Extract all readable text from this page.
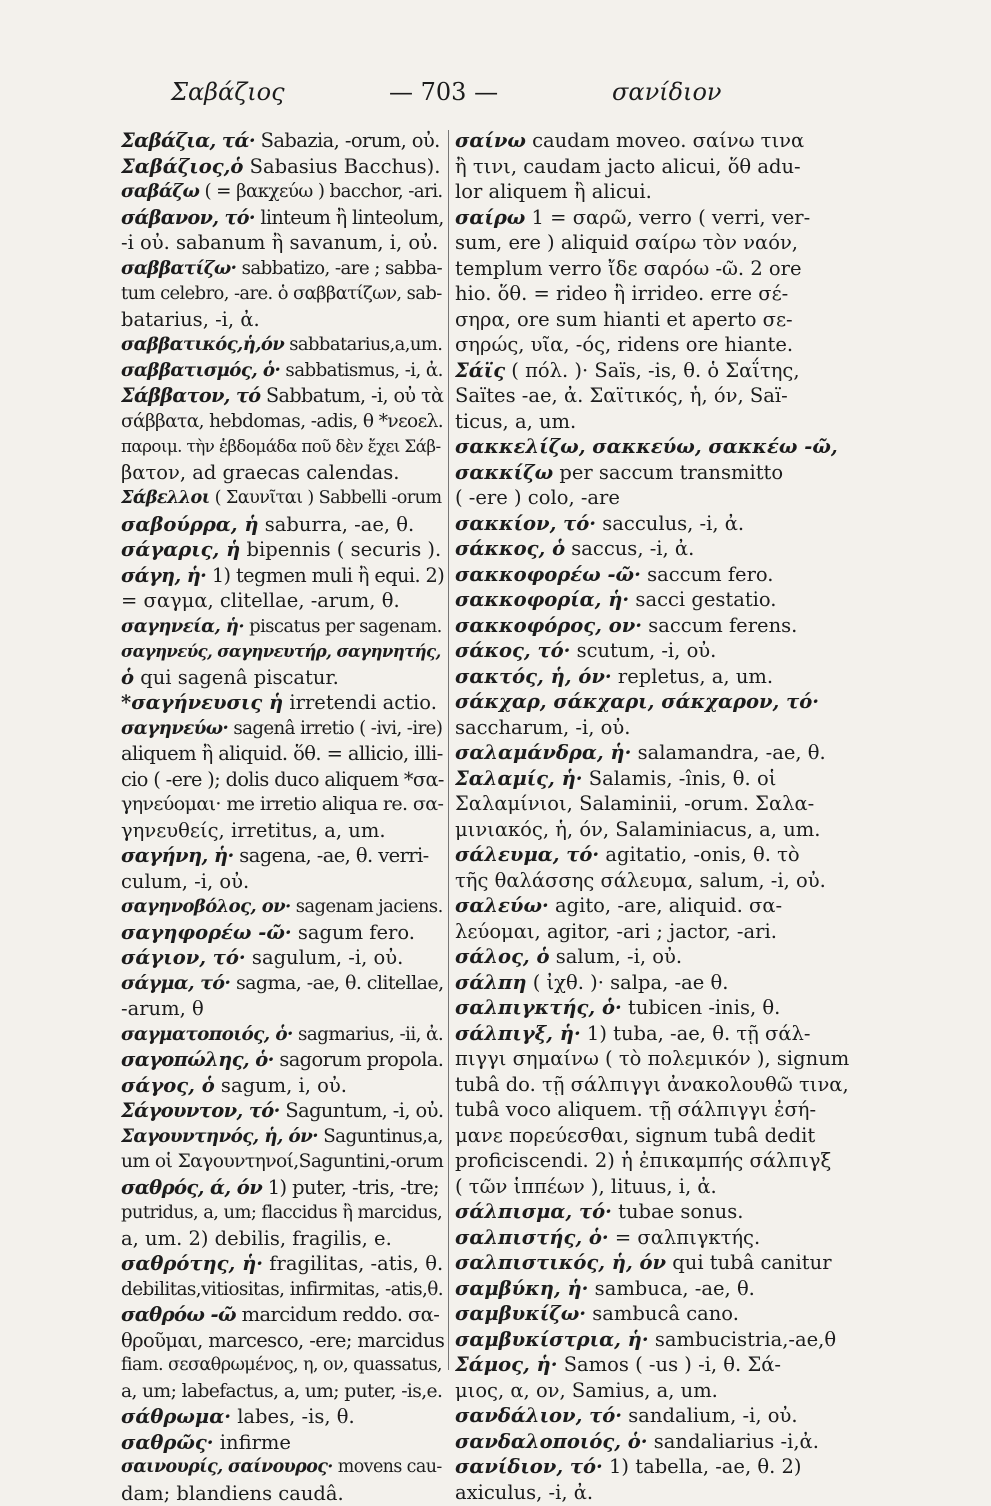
Σαβάζιος	— 703 —	σανίδιον
Σαβάζια, τά· Sabazia, -orum, οὐ.
Σαβάζιος,ὁ Sabasius Bacchus).
σαβάζω ( = βακχεύω ) bacchor, -ari.
σάβανον, τό· linteum ἢ linteolum,
-i οὐ. sabanum ἢ savanum, i, οὐ.
σαββατίζω· sabbatizo, -are ; sabba-
tum celebro, -are. ὁ σαββατίζων, sab-
batarius, -i, ἀ.
σαββατικός,ἡ,όν sabbatarius,a,um.
σαββατισμός, ὁ· sabbatismus, -i, ἀ.
Σάββατον, τό Sabbatum, -i, οὐ τὰ
σάββατα, hebdomas, -adis, θ *νεοελ.
παροιμ. τὴν ἑβδομάδα ποῦ δὲν ἔχει Σάβ-
βατον, ad graecas calendas.
Σάβελλοι ( Σαυνῖται ) Sabbelli -orum
σαβούρρα, ἡ saburra, -ae, θ.
σάγαρις, ἡ bipennis ( securis ).
σάγη, ἡ· 1) tegmen muli ἢ equi. 2)
= σαγμα, clitellae, -arum, θ.
σαγηνεία, ἡ· piscatus per sagenam.
σαγηνεύς, σαγηνευτήρ, σαγηνητής,
ὁ qui sagenâ piscatur.
*σαγήνευσις ἡ irretendi actio.
σαγηνεύω· sagenâ irretio ( -ivi, -ire)
aliquem ἢ aliquid. ὅθ. = allicio, illi-
cio ( -ere ); dolis duco aliquem *σα-
γηνεύομαι· me irretio aliqua re. σα-
γηνευθείς, irretitus, a, um.
σαγήνη, ἡ· sagena, -ae, θ. verri-
culum, -i, οὐ.
σαγηνοβόλος, ον· sagenam jaciens.
σαγηφορέω -ῶ· sagum fero.
σάγιον, τό· sagulum, -i, οὐ.
σάγμα, τό· sagma, -ae, θ. clitellae,
-arum, θ
σαγματοποιός, ὁ· sagmarius, -ii, ἀ.
σαγοπώλης, ὁ· sagorum propola.
σάγος, ὁ sagum, i, οὐ.
Σάγουντον, τό· Saguntum, -i, οὐ.
Σαγουντηνός, ἡ, όν· Saguntinus,a,
um οἱ Σαγουντηνοί,Saguntini,-orum
σαθρός, ά, όν 1) puter, -tris, -tre;
putridus, a, um; flaccidus ἢ marcidus,
a, um. 2) debilis, fragilis, e.
σαθρότης, ἡ· fragilitas, -atis, θ.
debilitas,vitiositas, infirmitas, -atis,θ.
σαθρόω -ῶ marcidum reddo. σα-
θροῦμαι, marcesco, -ere; marcidus
fiam. σεσαθρωμένος, η, ον, quassatus,
a, um; labefactus, a, um; puter, -is,e.
σάθρωμα· labes, -is, θ.
σαθρῶς· infirme
σαινουρίς, σαίνουρος· movens cau-
dam; blandiens caudâ.
σαίνω caudam moveo. σαίνω τινα
ἢ τινι, caudam jacto alicui, ὅθ adu-
lor aliquem ἢ alicui.
σαίρω 1 = σαρῶ, verro ( verri, ver-
sum, ere ) aliquid σαίρω τὸν ναόν,
templum verro ἴδε σαρόω -ῶ. 2 ore
hio. ὅθ. = rideo ἢ irrideo. erre σέ-
σηρα, ore sum hianti et aperto σε-
σηρώς, υῖα, -ός, ridens ore hiante.
Σάϊς ( πόλ. )· Saïs, -is, θ. ὁ Σαΐτης,
Saïtes -ae, ἀ. Σαϊτικός, ἡ, όν, Saï-
ticus, a, um.
σακκελίζω, σακκεύω, σακκέω -ῶ,
σακκίζω per saccum transmitto
( -ere ) colo, -are
σακκίον, τό· sacculus, -i, ἀ.
σάκκος, ὁ saccus, -i, ἀ.
σακκοφορέω -ῶ· saccum fero.
σακκοφορία, ἡ· sacci gestatio.
σακκοφόρος, ον· saccum ferens.
σάκος, τό· scutum, -i, οὐ.
σακτός, ἡ, όν· repletus, a, um.
σάκχαρ, σάκχαρι, σάκχαρον, τό·
saccharum, -i, οὐ.
σαλαμάνδρα, ἡ· salamandra, -ae, θ.
Σαλαμίς, ἡ· Salamis, -înis, θ. οἱ
Σαλαμίνιοι, Salaminii, -orum. Σαλα-
μινιακός, ἡ, όν, Salaminiacus, a, um.
σάλευμα, τό· agitatio, -onis, θ. τὸ
τῆς θαλάσσης σάλευμα, salum, -i, οὐ.
σαλεύω· agito, -are, aliquid. σα-
λεύομαι, agitor, -ari ; jactor, -ari.
σάλος, ὁ salum, -i, οὐ.
σάλπη ( ἰχθ. )· salpa, -ae θ.
σαλπιγκτής, ὁ· tubicen -inis, θ.
σάλπιγξ, ἡ· 1) tuba, -ae, θ. τῇ σάλ-
πιγγι σημαίνω ( τὸ πολεμικόν ), signum
tubâ do. τῇ σάλπιγγι ἀνακολουθῶ τινα,
tubâ voco aliquem. τῇ σάλπιγγι ἐσή-
μανε πορεύεσθαι, signum tubâ dedit
proficiscendi. 2) ἡ ἐπικαμπής σάλπιγξ
( τῶν ἱππέων ), lituus, i, ἀ.
σάλπισμα, τό· tubae sonus.
σαλπιστής, ὁ· = σαλπιγκτής.
σαλπιστικός, ἡ, όν qui tubâ canitur
σαμβύκη, ἡ· sambuca, -ae, θ.
σαμβυκίζω· sambucâ cano.
σαμβυκίστρια, ἡ· sambucistria,-ae,θ
Σάμος, ἡ· Samos ( -us ) -i, θ. Σά-
μιος, α, ον, Samius, a, um.
σανδάλιον, τό· sandalium, -i, οὐ.
σανδαλοποιός, ὁ· sandaliarius -i,ἀ.
σανίδιον, τό· 1) tabella, -ae, θ. 2)
axiculus, -i, ἀ.
